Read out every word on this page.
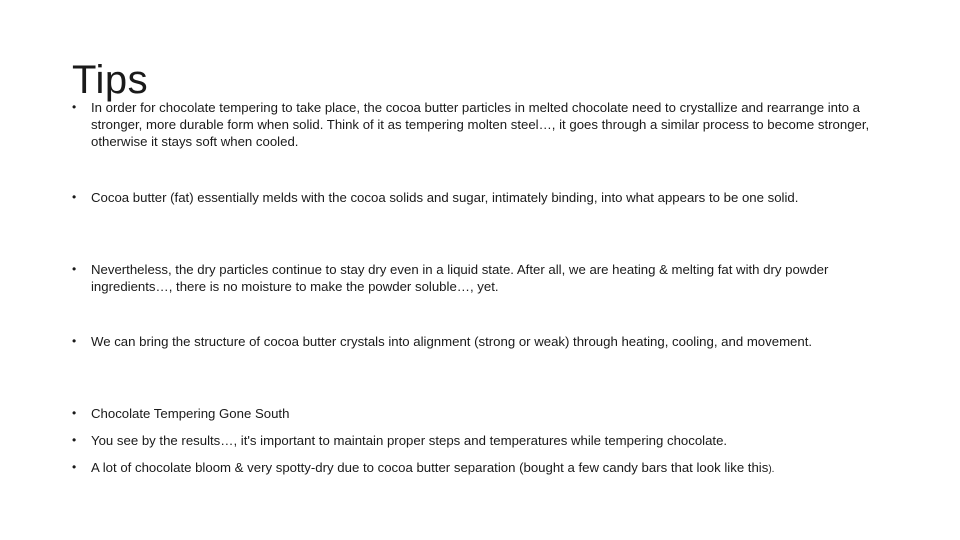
Tips

•	In order for chocolate tempering to take place, the cocoa butter particles in melted chocolate need to crystallize and rearrange into a stronger, more durable form when solid. Think of it as tempering molten steel…, it goes through a similar process to become stronger, otherwise it stays soft when cooled.

•	Cocoa butter (fat) essentially melds with the cocoa solids and sugar, intimately binding, into what appears to be one solid.

•	Nevertheless, the dry particles continue to stay dry even in a liquid state. After all, we are heating & melting fat with dry powder ingredients…, there is no moisture to make the powder soluble…, yet.

•	We can bring the structure of cocoa butter crystals into alignment (strong or weak) through heating, cooling, and movement.

•	Chocolate Tempering Gone South

•	You see by the results…, it's important to maintain proper steps and temperatures while tempering chocolate.

•	A lot of chocolate bloom & very spotty-dry due to cocoa butter separation (bought a few candy bars that look like this).
